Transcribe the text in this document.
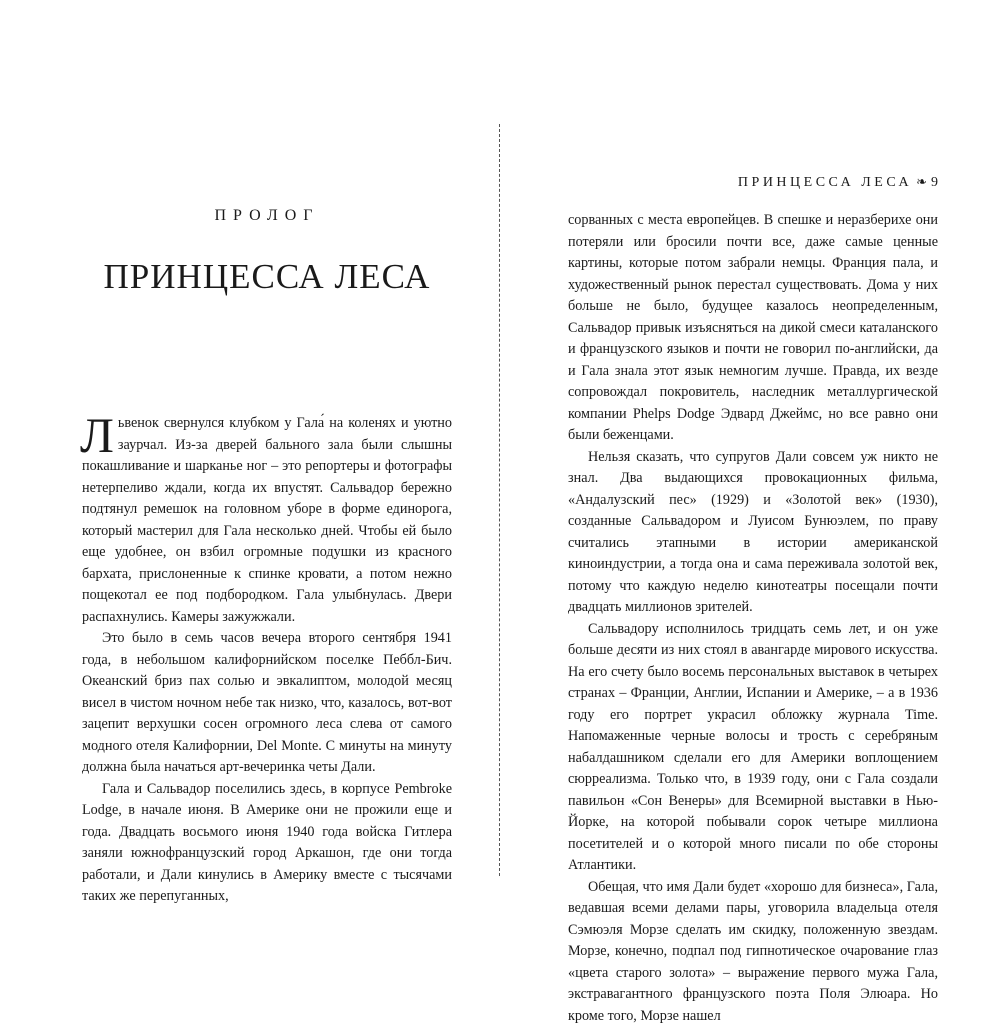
ПРОЛОГ
ПРИНЦЕССА ЛЕСА

Львенок свернулся клубком у Гала́ на коленях и уютно заурчал. Из-за дверей бального зала были слышны покашливание и шарканье ног – это репортеры и фотографы нетерпеливо ждали, когда их впустят. Сальвадор бережно подтянул ремешок на головном уборе в форме единорога, который мастерил для Гала несколько дней. Чтобы ей было еще удобнее, он взбил огромные подушки из красного бархата, прислоненные к спинке кровати, а потом нежно пощекотал ее под подбородком. Гала улыбнулась. Двери распахнулись. Камеры зажужжали.

Это было в семь часов вечера второго сентября 1941 года, в небольшом калифорнийском поселке Пеббл-Бич. Океанский бриз пах солью и эвкалиптом, молодой месяц висел в чистом ночном небе так низко, что, казалось, вот-вот зацепит верхушки сосен огромного леса слева от самого модного отеля Калифорнии, Del Monte. С минуты на минуту должна была начаться арт-вечеринка четы Дали.

Гала и Сальвадор поселились здесь, в корпусе Pembroke Lodge, в начале июня. В Америке они не прожили еще и года. Двадцать восьмого июня 1940 года войска Гитлера заняли южнофранцузский город Аркашон, где они тогда работали, и Дали кинулись в Америку вместе с тысячами таких же перепуганных,

ПРИНЦЕССА ЛЕСА ❧ 9

сорванных с места европейцев. В спешке и неразберихе они потеряли или бросили почти все, даже самые ценные картины, которые потом забрали немцы. Франция пала, и художественный рынок перестал существовать. Дома у них больше не было, будущее казалось неопределенным, Сальвадор привык изъясняться на дикой смеси каталанского и французского языков и почти не говорил по-английски, да и Гала знала этот язык немногим лучше. Правда, их везде сопровождал покровитель, наследник металлургической компании Phelps Dodge Эдвард Джеймс, но все равно они были беженцами.

Нельзя сказать, что супругов Дали совсем уж никто не знал. Два выдающихся провокационных фильма, «Андалузский пес» (1929) и «Золотой век» (1930), созданные Сальвадором и Луисом Бунюэлем, по праву считались этапными в истории американской киноиндустрии, а тогда она и сама переживала золотой век, потому что каждую неделю кинотеатры посещали почти двадцать миллионов зрителей.

Сальвадору исполнилось тридцать семь лет, и он уже больше десяти из них стоял в авангарде мирового искусства. На его счету было восемь персональных выставок в четырех странах – Франции, Англии, Испании и Америке, – а в 1936 году его портрет украсил обложку журнала Time. Напомаженные черные волосы и трость с серебряным набалдашником сделали его для Америки воплощением сюрреализма. Только что, в 1939 году, они с Гала создали павильон «Сон Венеры» для Всемирной выставки в Нью-Йорке, на которой побывали сорок четыре миллиона посетителей и о которой много писали по обе стороны Атлантики.

Обещая, что имя Дали будет «хорошо для бизнеса», Гала, ведавшая всеми делами пары, уговорила владельца отеля Сэмюэля Морзе сделать им скидку, положенную звездам. Морзе, конечно, подпал под гипнотическое очарование глаз «цвета старого золота» – выражение первого мужа Гала, экстравагантного французского поэта Поля Элюара. Но кроме того, Морзе нашел
